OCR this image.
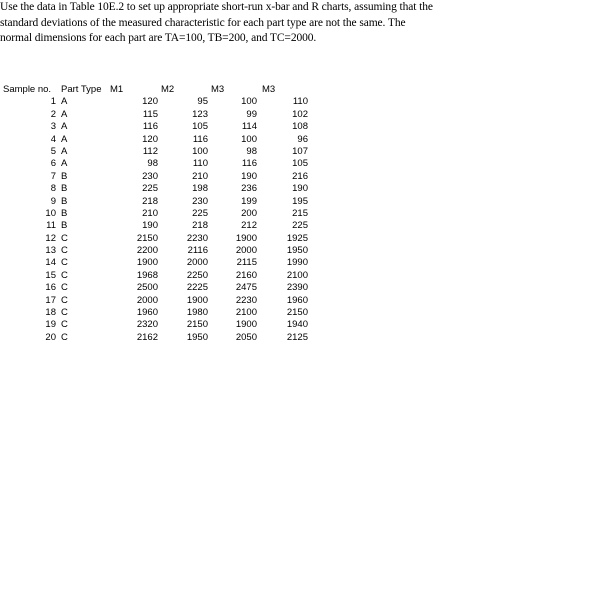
Use the data in Table 10E.2 to set up appropriate short-run x-bar and R charts, assuming that the
standard deviations of the measured characteristic for each part type are not the same. The
normal dimensions for each part are TA=100, TB=200, and TC=2000.
Sample no. Part Type M1	M2	M3	M3
1 A	120	95	100	110
2 A	115	123	99	102
3 A	116	105	114	108
4 A	120	116	100	96
5 A	112	100	98	107
6 A	98	110	116	105
7 B	230	210	190	216
8 B	225	198	236	190
9 B	218	230	199	195
10 B	210	225	200	215
11 B	190	218	212	225
12 C	2150	2230	1900	1925
13 C	2200	2116	2000	1950
14 C	1900	2000	2115	1990
15 C	1968	2250	2160	2100
16 C	2500	2225	2475	2390
17 C	2000	1900	2230	1960
18 C	1960	1980	2100	2150
19 C	2320	2150	1900	1940
20 C	2162	1950	2050	2125
